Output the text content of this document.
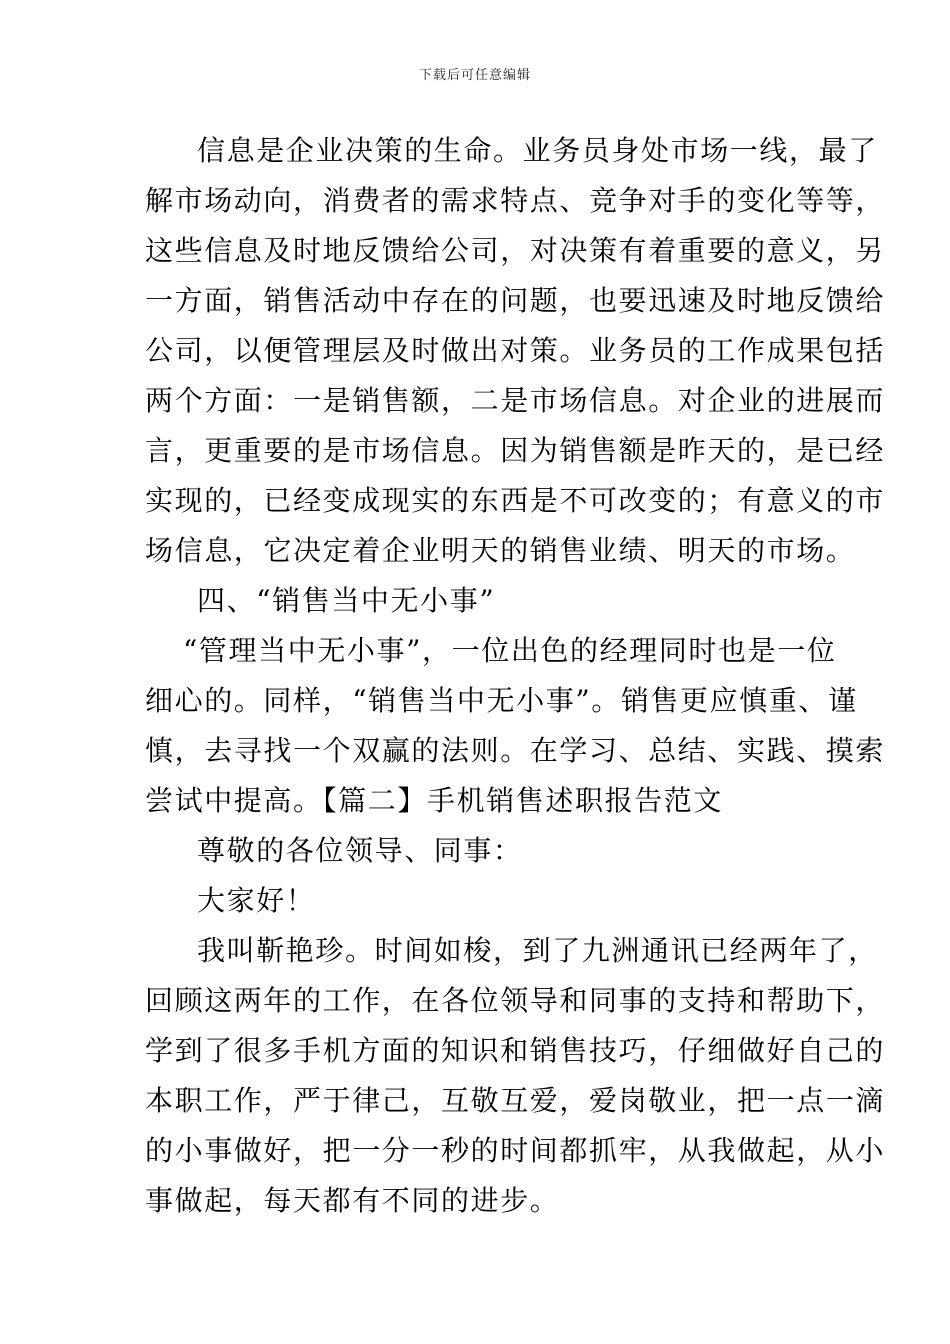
下载后可任意编辑
信息是企业决策的生命。业务员身处市场一线，最了
解市场动向，消费者的需求特点、竞争对手的变化等等，
这些信息及时地反馈给公司，对决策有着重要的意义，另
一方面，销售活动中存在的问题，也要迅速及时地反馈给
公司，以便管理层及时做出对策。业务员的工作成果包括
两个方面：一是销售额，二是市场信息。对企业的进展而
言，更重要的是市场信息。因为销售额是昨天的，是已经
实现的，已经变成现实的东西是不可改变的；有意义的市
场信息，它决定着企业明天的销售业绩、明天的市场。
四、“销售当中无小事”
“管理当中无小事”，一位出色的经理同时也是一位
细心的。同样，“销售当中无小事”。销售更应慎重、谨
慎，去寻找一个双赢的法则。在学习、总结、实践、摸索
尝试中提高。【篇二】手机销售述职报告范文
尊敬的各位领导、同事：
大家好！
我叫靳艳珍。时间如梭，到了九洲通讯已经两年了，
回顾这两年的工作，在各位领导和同事的支持和帮助下，
学到了很多手机方面的知识和销售技巧，仔细做好自己的
本职工作，严于律己，互敬互爱，爱岗敬业，把一点一滴
的小事做好，把一分一秒的时间都抓牢，从我做起，从小
事做起，每天都有不同的进步。
